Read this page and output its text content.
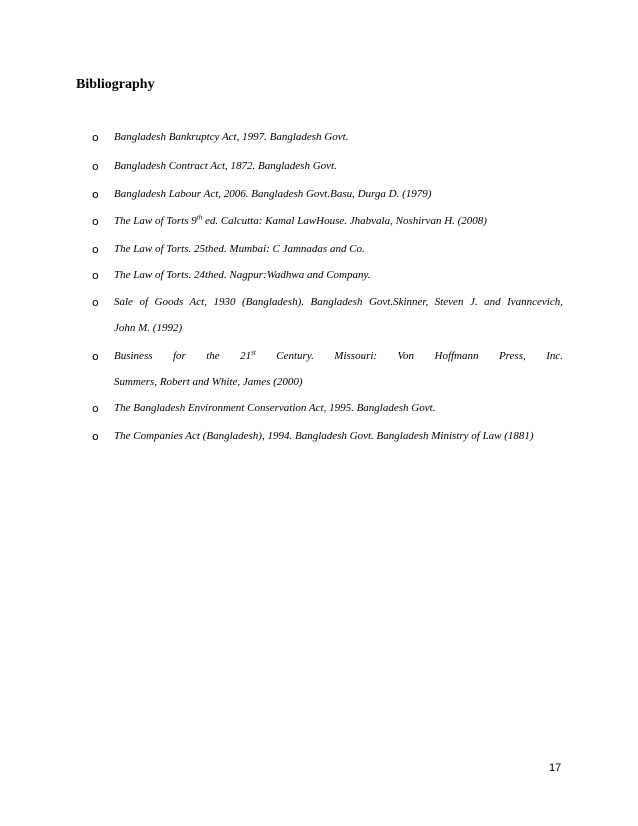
Bibliography
o Bangladesh Bankruptcy Act, 1997. Bangladesh Govt.
o Bangladesh Contract Act, 1872. Bangladesh Govt.
o Bangladesh Labour Act, 2006. Bangladesh Govt.Basu, Durga D. (1979)
o The Law of Torts 9th ed. Calcutta: Kamal LawHouse. Jhabvala, Noshirvan H. (2008)
o The Law of Torts. 25thed. Mumbai: C Jamnadas and Co.
o The Law of Torts. 24thed. Nagpur:Wadhwa and Company.
o Sale of Goods Act, 1930 (Bangladesh). Bangladesh Govt.Skinner, Steven J. and Ivanncevich,
John M. (1992)
o Business for the 21st Century. Missouri: Von Hoffmann Press, Inc.
Summers, Robert and White, James (2000)
o The Bangladesh Environment Conservation Act, 1995. Bangladesh Govt.
o The Companies Act (Bangladesh), 1994. Bangladesh Govt. Bangladesh Ministry of Law (1881)
17
